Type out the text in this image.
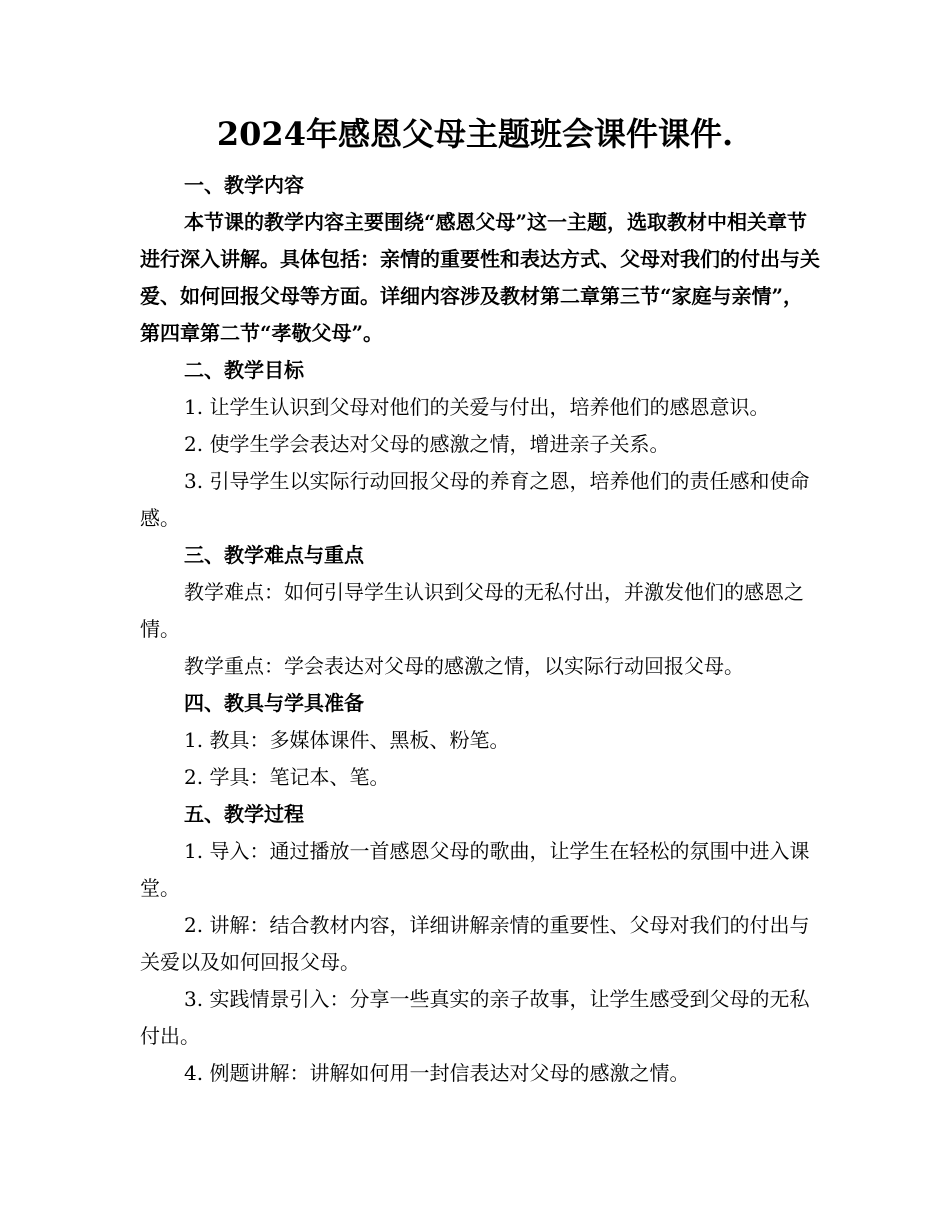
2024年感恩父母主题班会课件课件.

一、教学内容

本节课的教学内容主要围绕“感恩父母”这一主题，选取教材中相关章节进行深入讲解。具体包括：亲情的重要性和表达方式、父母对我们的付出与关爱、如何回报父母等方面。详细内容涉及教材第二章第三节“家庭与亲情”，第四章第二节“孝敬父母”。

二、教学目标

1. 让学生认识到父母对他们的关爱与付出，培养他们的感恩意识。

2. 使学生学会表达对父母的感激之情，增进亲子关系。

3. 引导学生以实际行动回报父母的养育之恩，培养他们的责任感和使命感。

三、教学难点与重点

教学难点：如何引导学生认识到父母的无私付出，并激发他们的感恩之情。

教学重点：学会表达对父母的感激之情，以实际行动回报父母。

四、教具与学具准备

1. 教具：多媒体课件、黑板、粉笔。

2. 学具：笔记本、笔。

五、教学过程

1. 导入：通过播放一首感恩父母的歌曲，让学生在轻松的氛围中进入课堂。

2. 讲解：结合教材内容，详细讲解亲情的重要性、父母对我们的付出与关爱以及如何回报父母。

3. 实践情景引入：分享一些真实的亲子故事，让学生感受到父母的无私付出。

4. 例题讲解：讲解如何用一封信表达对父母的感激之情。
